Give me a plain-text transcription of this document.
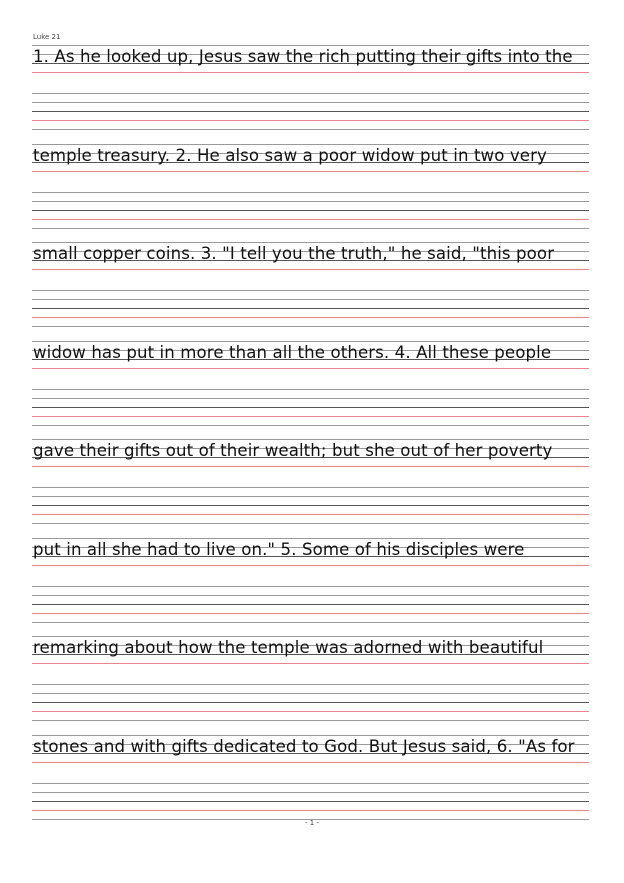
Luke 21
1. As he looked up, Jesus saw the rich putting their gifts into the
temple treasury. 2. He also saw a poor widow put in two very
small copper coins. 3. "I tell you the truth," he said, "this poor
widow has put in more than all the others. 4. All these people
gave their gifts out of their wealth; but she out of her poverty
put in all she had to live on." 5. Some of his disciples were
remarking about how the temple was adorned with beautiful
stones and with gifts dedicated to God. But Jesus said, 6. "As for
- 1 -
